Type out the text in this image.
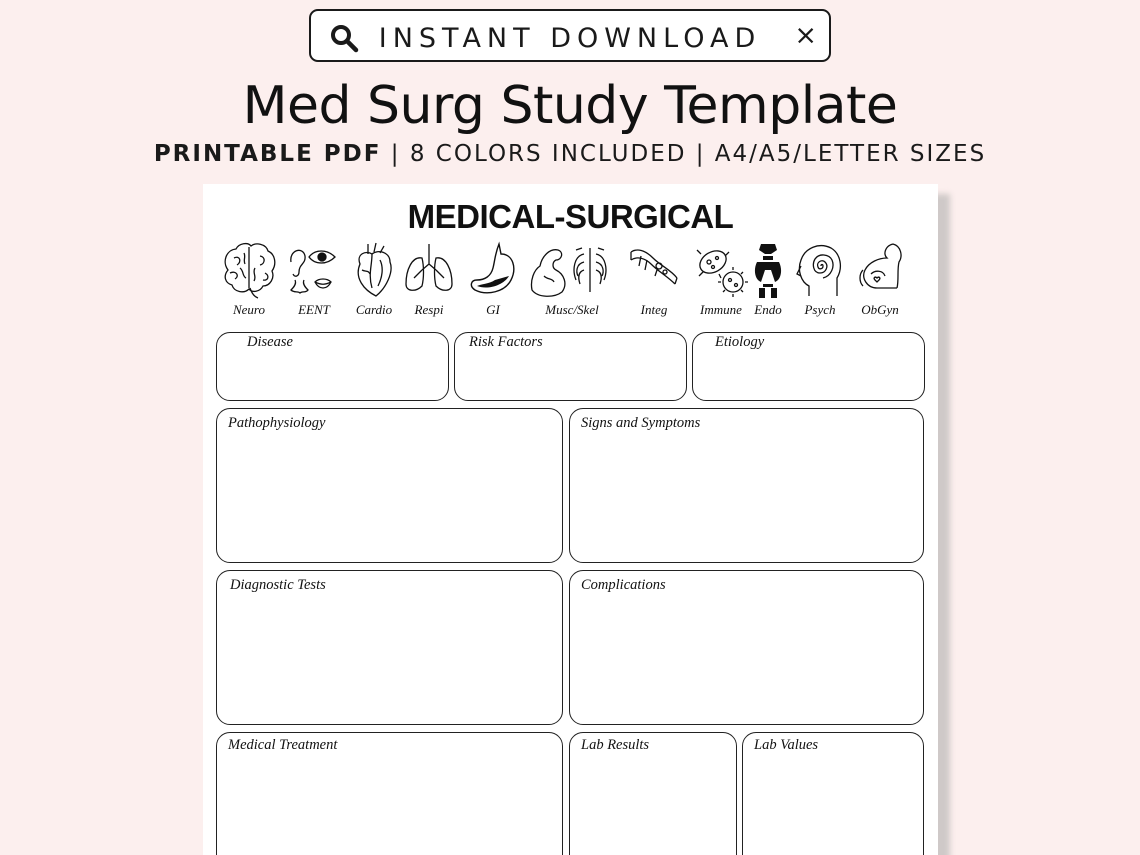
INSTANT DOWNLOAD ×
Med Surg Study Template
PRINTABLE PDF | 8 COLORS INCLUDED | A4/A5/LETTER SIZES
MEDICAL-SURGICAL
Neuro	EENT	Cardio	Respi	GI	Musc/Skel	Integ	Immune Endo	Psych	ObGyn
Disease	Risk Factors	Etiology
Pathophysiology	Signs and Symptoms
Diagnostic Tests	Complications
Medical Treatment	Lab Results	Lab Values
